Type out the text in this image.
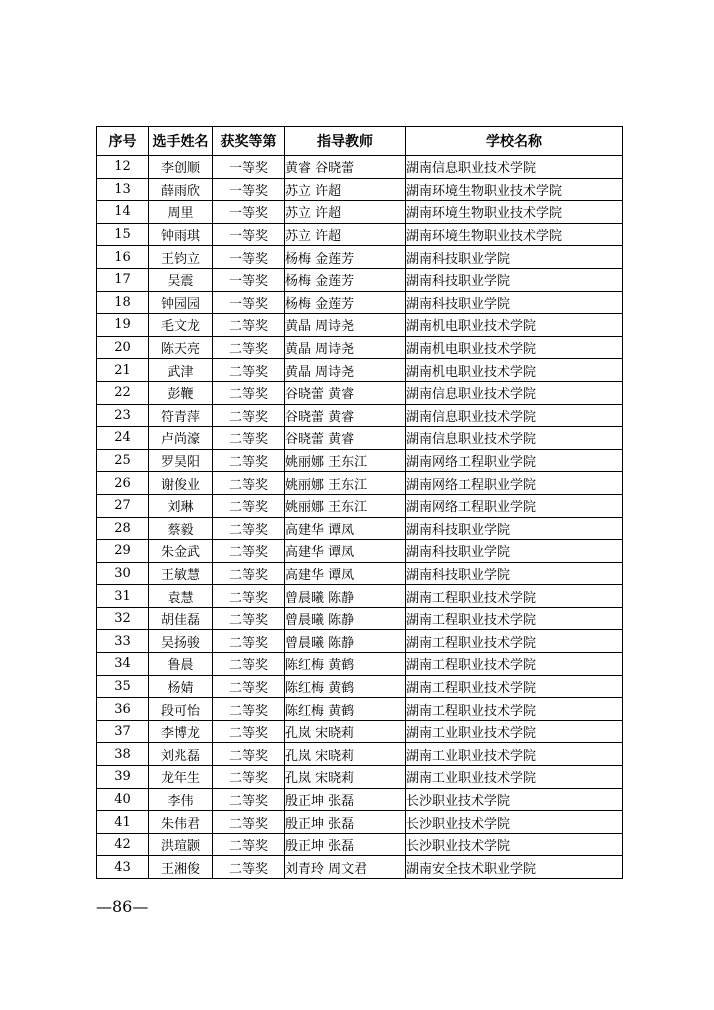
序号	选手姓名	获奖等第	指导教师	学校名称
12	李创顺	一等奖	黄睿 谷晓蕾	湖南信息职业技术学院
13	薛雨欣	一等奖	苏立 许超	湖南环境生物职业技术学院
14	周里	一等奖	苏立 许超	湖南环境生物职业技术学院
15	钟雨琪	一等奖	苏立 许超	湖南环境生物职业技术学院
16	王钧立	一等奖	杨梅 金莲芳	湖南科技职业学院
17	吴震	一等奖	杨梅 金莲芳	湖南科技职业学院
18	钟园园	一等奖	杨梅 金莲芳	湖南科技职业学院
19	毛文龙	二等奖	黄晶 周诗尧	湖南机电职业技术学院
20	陈天亮	二等奖	黄晶 周诗尧	湖南机电职业技术学院
21	武津	二等奖	黄晶 周诗尧	湖南机电职业技术学院
22	彭鞭	二等奖	谷晓蕾 黄睿	湖南信息职业技术学院
23	符青萍	二等奖	谷晓蕾 黄睿	湖南信息职业技术学院
24	卢尚濠	二等奖	谷晓蕾 黄睿	湖南信息职业技术学院
25	罗昊阳	二等奖	姚丽娜 王东江	湖南网络工程职业学院
26	谢俊业	二等奖	姚丽娜 王东江	湖南网络工程职业学院
27	刘琳	二等奖	姚丽娜 王东江	湖南网络工程职业学院
28	蔡毅	二等奖	高建华 谭凤	湖南科技职业学院
29	朱金武	二等奖	高建华 谭凤	湖南科技职业学院
30	王敏慧	二等奖	高建华 谭凤	湖南科技职业学院
31	袁慧	二等奖	曾晨曦 陈静	湖南工程职业技术学院
32	胡佳磊	二等奖	曾晨曦 陈静	湖南工程职业技术学院
33	吴扬骏	二等奖	曾晨曦 陈静	湖南工程职业技术学院
34	鲁晨	二等奖	陈红梅 黄鹤	湖南工程职业技术学院
35	杨婧	二等奖	陈红梅 黄鹤	湖南工程职业技术学院
36	段可怡	二等奖	陈红梅 黄鹤	湖南工程职业技术学院
37	李博龙	二等奖	孔岚 宋晓莉	湖南工业职业技术学院
38	刘兆磊	二等奖	孔岚 宋晓莉	湖南工业职业技术学院
39	龙年生	二等奖	孔岚 宋晓莉	湖南工业职业技术学院
40	李伟	二等奖	殷正坤 张磊	长沙职业技术学院
41	朱伟君	二等奖	殷正坤 张磊	长沙职业技术学院
42	洪瑄颢	二等奖	殷正坤 张磊	长沙职业技术学院
43	王湘俊	二等奖	刘青玲 周文君	湖南安全技术职业学院
—86—
